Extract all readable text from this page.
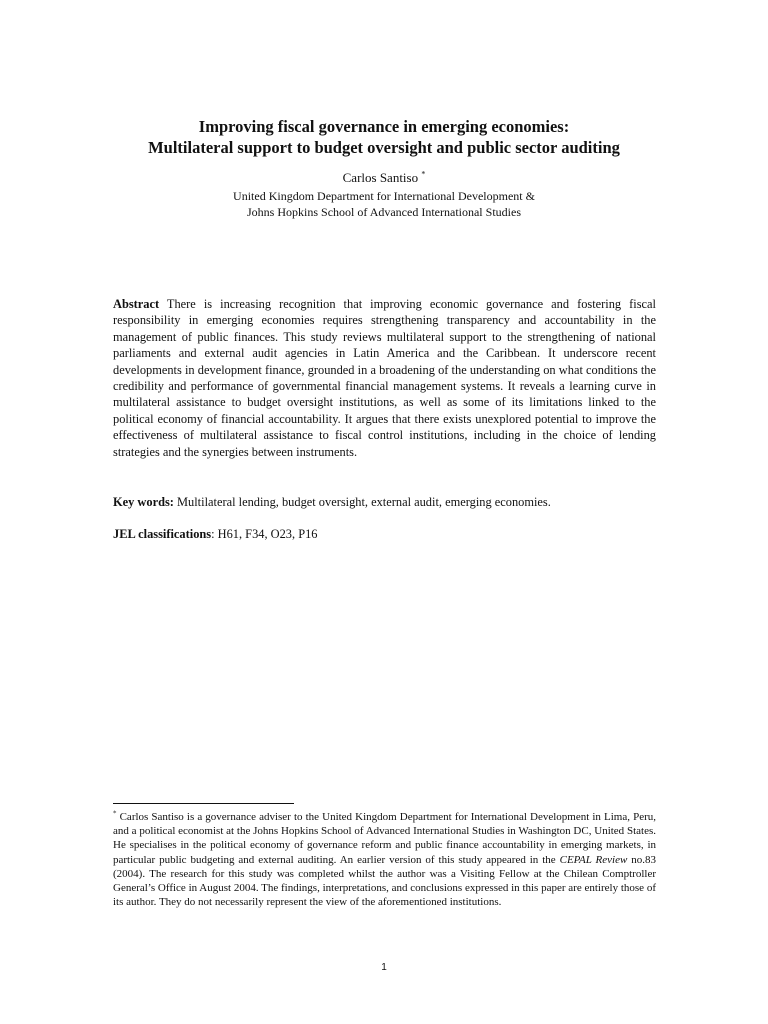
Improving fiscal governance in emerging economies:

Multilateral support to budget oversight and public sector auditing

Carlos Santiso *
United Kingdom Department for International Development &
Johns Hopkins School of Advanced International Studies

Abstract There is increasing recognition that improving economic governance and fostering fiscal responsibility in emerging economies requires strengthening transparency and accountability in the management of public finances. This study reviews multilateral support to the strengthening of national parliaments and external audit agencies in Latin America and the Caribbean. It underscore recent developments in development finance, grounded in a broadening of the understanding on what conditions the credibility and performance of governmental financial management systems. It reveals a learning curve in multilateral assistance to budget oversight institutions, as well as some of its limitations linked to the political economy of financial accountability. It argues that there exists unexplored potential to improve the effectiveness of multilateral assistance to fiscal control institutions, including in the choice of lending strategies and the synergies between instruments.

Key words: Multilateral lending, budget oversight, external audit, emerging economies.

JEL classifications: H61, F34, O23, P16

* Carlos Santiso is a governance adviser to the United Kingdom Department for International Development in Lima, Peru, and a political economist at the Johns Hopkins School of Advanced International Studies in Washington DC, United States. He specialises in the political economy of governance reform and public finance accountability in emerging markets, in particular public budgeting and external auditing. An earlier version of this study appeared in the CEPAL Review no.83 (2004). The research for this study was completed whilst the author was a Visiting Fellow at the Chilean Comptroller General’s Office in August 2004. The findings, interpretations, and conclusions expressed in this paper are entirely those of its author. They do not necessarily represent the view of the aforementioned institutions.

1
